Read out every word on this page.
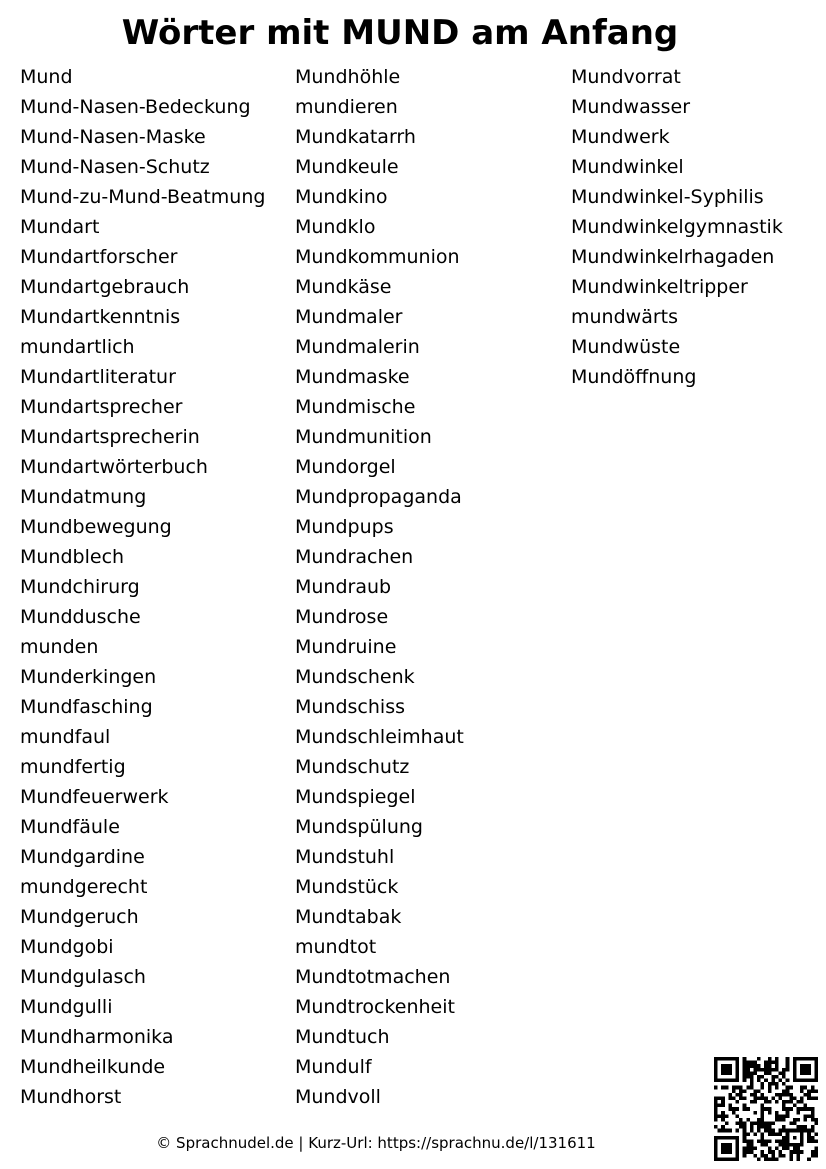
Wörter mit MUND am Anfang
Mund
Mund-Nasen-Bedeckung
Mund-Nasen-Maske
Mund-Nasen-Schutz
Mund-zu-Mund-Beatmung
Mundart
Mundartforscher
Mundartgebrauch
Mundartkenntnis
mundartlich
Mundartliteratur
Mundartsprecher
Mundartsprecherin
Mundartwörterbuch
Mundatmung
Mundbewegung
Mundblech
Mundchirurg
Munddusche
munden
Munderkingen
Mundfasching
mundfaul
mundfertig
Mundfeuerwerk
Mundfäule
Mundgardine
mundgerecht
Mundgeruch
Mundgobi
Mundgulasch
Mundgulli
Mundharmonika
Mundheilkunde
Mundhorst
Mundhöhle
mundieren
Mundkatarrh
Mundkeule
Mundkino
Mundklo
Mundkommunion
Mundkäse
Mundmaler
Mundmalerin
Mundmaske
Mundmische
Mundmunition
Mundorgel
Mundpropaganda
Mundpups
Mundrachen
Mundraub
Mundrose
Mundruine
Mundschenk
Mundschiss
Mundschleimhaut
Mundschutz
Mundspiegel
Mundspülung
Mundstuhl
Mundstück
Mundtabak
mundtot
Mundtotmachen
Mundtrockenheit
Mundtuch
Mundulf
Mundvoll
Mundvorrat
Mundwasser
Mundwerk
Mundwinkel
Mundwinkel-Syphilis
Mundwinkelgymnastik
Mundwinkelrhagaden
Mundwinkeltripper
mundwärts
Mundwüste
Mundöffnung
© Sprachnudel.de | Kurz-Url: https://sprachnu.de/l/131611
